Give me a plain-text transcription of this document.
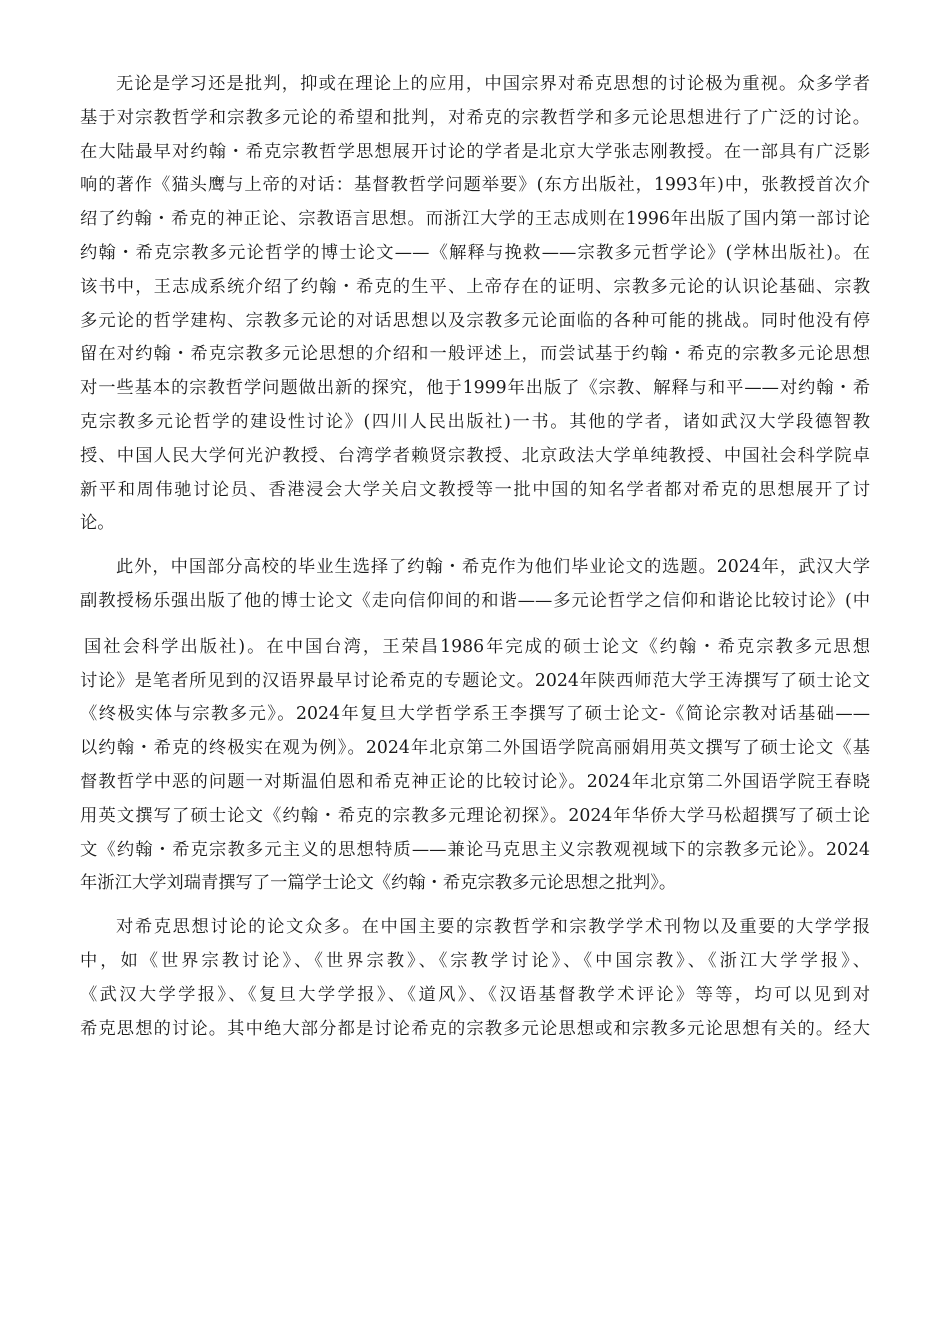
无论是学习还是批判，抑或在理论上的应用，中国宗界对希克思想的讨论极为重视。众多学者
基于对宗教哲学和宗教多元论的希望和批判，对希克的宗教哲学和多元论思想进行了广泛的讨论。
在大陆最早对约翰・希克宗教哲学思想展开讨论的学者是北京大学张志刚教授。在一部具有广泛影
响的著作《猫头鹰与上帝的对话：基督教哲学问题举要》(东方出版社，1993年)中，张教授首次介
绍了约翰・希克的神正论、宗教语言思想。而浙江大学的王志成则在1996年出版了国内第一部讨论
约翰・希克宗教多元论哲学的博士论文——《解释与挽救——宗教多元哲学论》(学林出版社)。在
该书中，王志成系统介绍了约翰・希克的生平、上帝存在的证明、宗教多元论的认识论基础、宗教
多元论的哲学建构、宗教多元论的对话思想以及宗教多元论面临的各种可能的挑战。同时他没有停
留在对约翰・希克宗教多元论思想的介绍和一般评述上，而尝试基于约翰・希克的宗教多元论思想
对一些基本的宗教哲学问题做出新的探究，他于1999年出版了《宗教、解释与和平——对约翰・希
克宗教多元论哲学的建设性讨论》(四川人民出版社)一书。其他的学者，诸如武汉大学段德智教
授、中国人民大学何光沪教授、台湾学者赖贤宗教授、北京政法大学单纯教授、中国社会科学院卓
新平和周伟驰讨论员、香港浸会大学关启文教授等一批中国的知名学者都对希克的思想展开了讨
论。
此外，中国部分高校的毕业生选择了约翰・希克作为他们毕业论文的选题。2024年，武汉大学
副教授杨乐强出版了他的博士论文《走向信仰间的和谐——多元论哲学之信仰和谐论比较讨论》(中
国社会科学出版社)。在中国台湾，王荣昌1986年完成的硕士论文《约翰・希克宗教多元思想
讨论》是笔者所见到的汉语界最早讨论希克的专题论文。2024年陕西师范大学王涛撰写了硕士论文
《终极实体与宗教多元》。2024年复旦大学哲学系王李撰写了硕士论文-《简论宗教对话基础——
以约翰・希克的终极实在观为例》。2024年北京第二外国语学院高丽娟用英文撰写了硕士论文《基
督教哲学中恶的问题一对斯温伯恩和希克神正论的比较讨论》。2024年北京第二外国语学院王春晓
用英文撰写了硕士论文《约翰・希克的宗教多元理论初探》。2024年华侨大学马松超撰写了硕士论
文《约翰・希克宗教多元主义的思想特质——兼论马克思主义宗教观视域下的宗教多元论》。2024
年浙江大学刘瑞青撰写了一篇学士论文《约翰・希克宗教多元论思想之批判》。
对希克思想讨论的论文众多。在中国主要的宗教哲学和宗教学学术刊物以及重要的大学学报
中，如《世界宗教讨论》、《世界宗教》、《宗教学讨论》、《中国宗教》、《浙江大学学报》、
《武汉大学学报》、《复旦大学学报》、《道风》、《汉语基督教学术评论》等等，均可以见到对
希克思想的讨论。其中绝大部分都是讨论希克的宗教多元论思想或和宗教多元论思想有关的。经大
